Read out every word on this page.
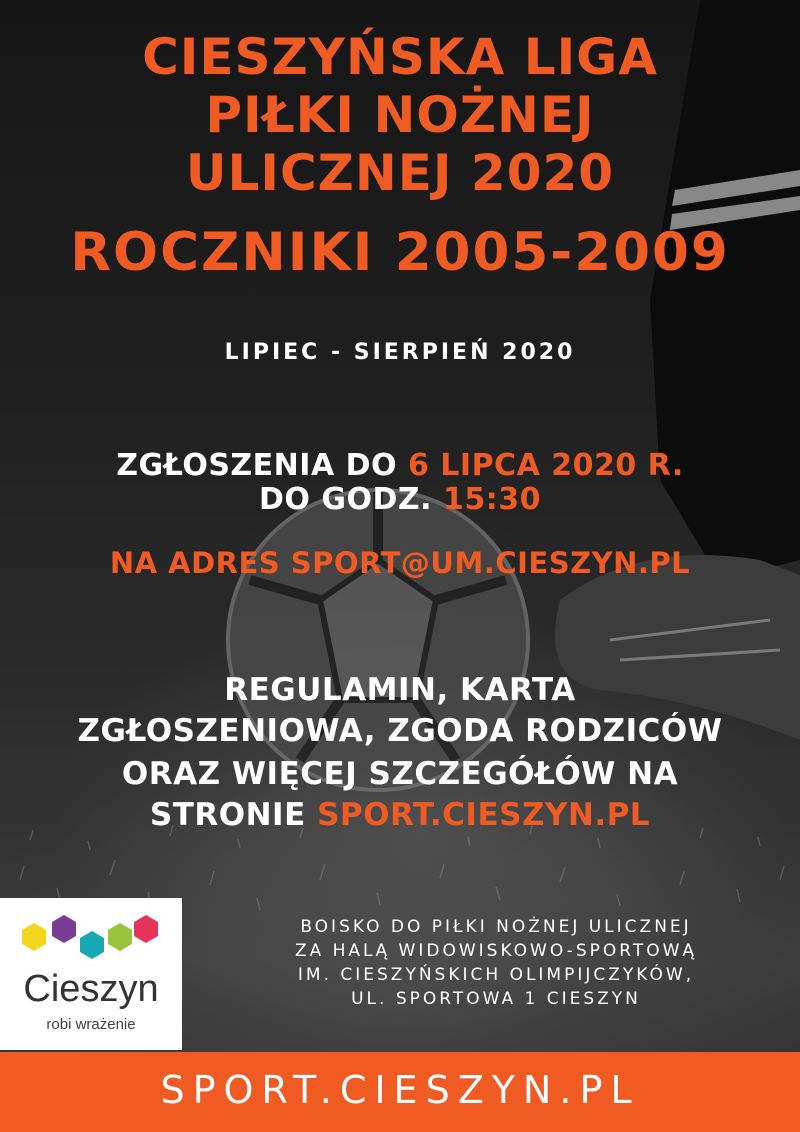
CIESZYŃSKA LIGA
PIŁKI NOŻNEJ
ULICZNEJ 2020
ROCZNIKI 2005-2009
LIPIEC - SIERPIEŃ 2020
ZGŁOSZENIA DO 6 LIPCA 2020 R.
DO GODZ. 15:30
NA ADRES SPORT@UM.CIESZYN.PL
REGULAMIN, KARTA
ZGŁOSZENIOWA, ZGODA RODZICÓW
ORAZ WIĘCEJ SZCZEGÓŁÓW NA
STRONIE SPORT.CIESZYN.PL
Cieszyn
robi wrażenie
BOISKO DO PIŁKI NOŻNEJ ULICZNEJ
ZA HALĄ WIDOWISKOWO-SPORTOWĄ
IM. CIESZYŃSKICH OLIMPIJCZYKÓW,
UL. SPORTOWA 1 CIESZYN
SPORT.CIESZYN.PL
